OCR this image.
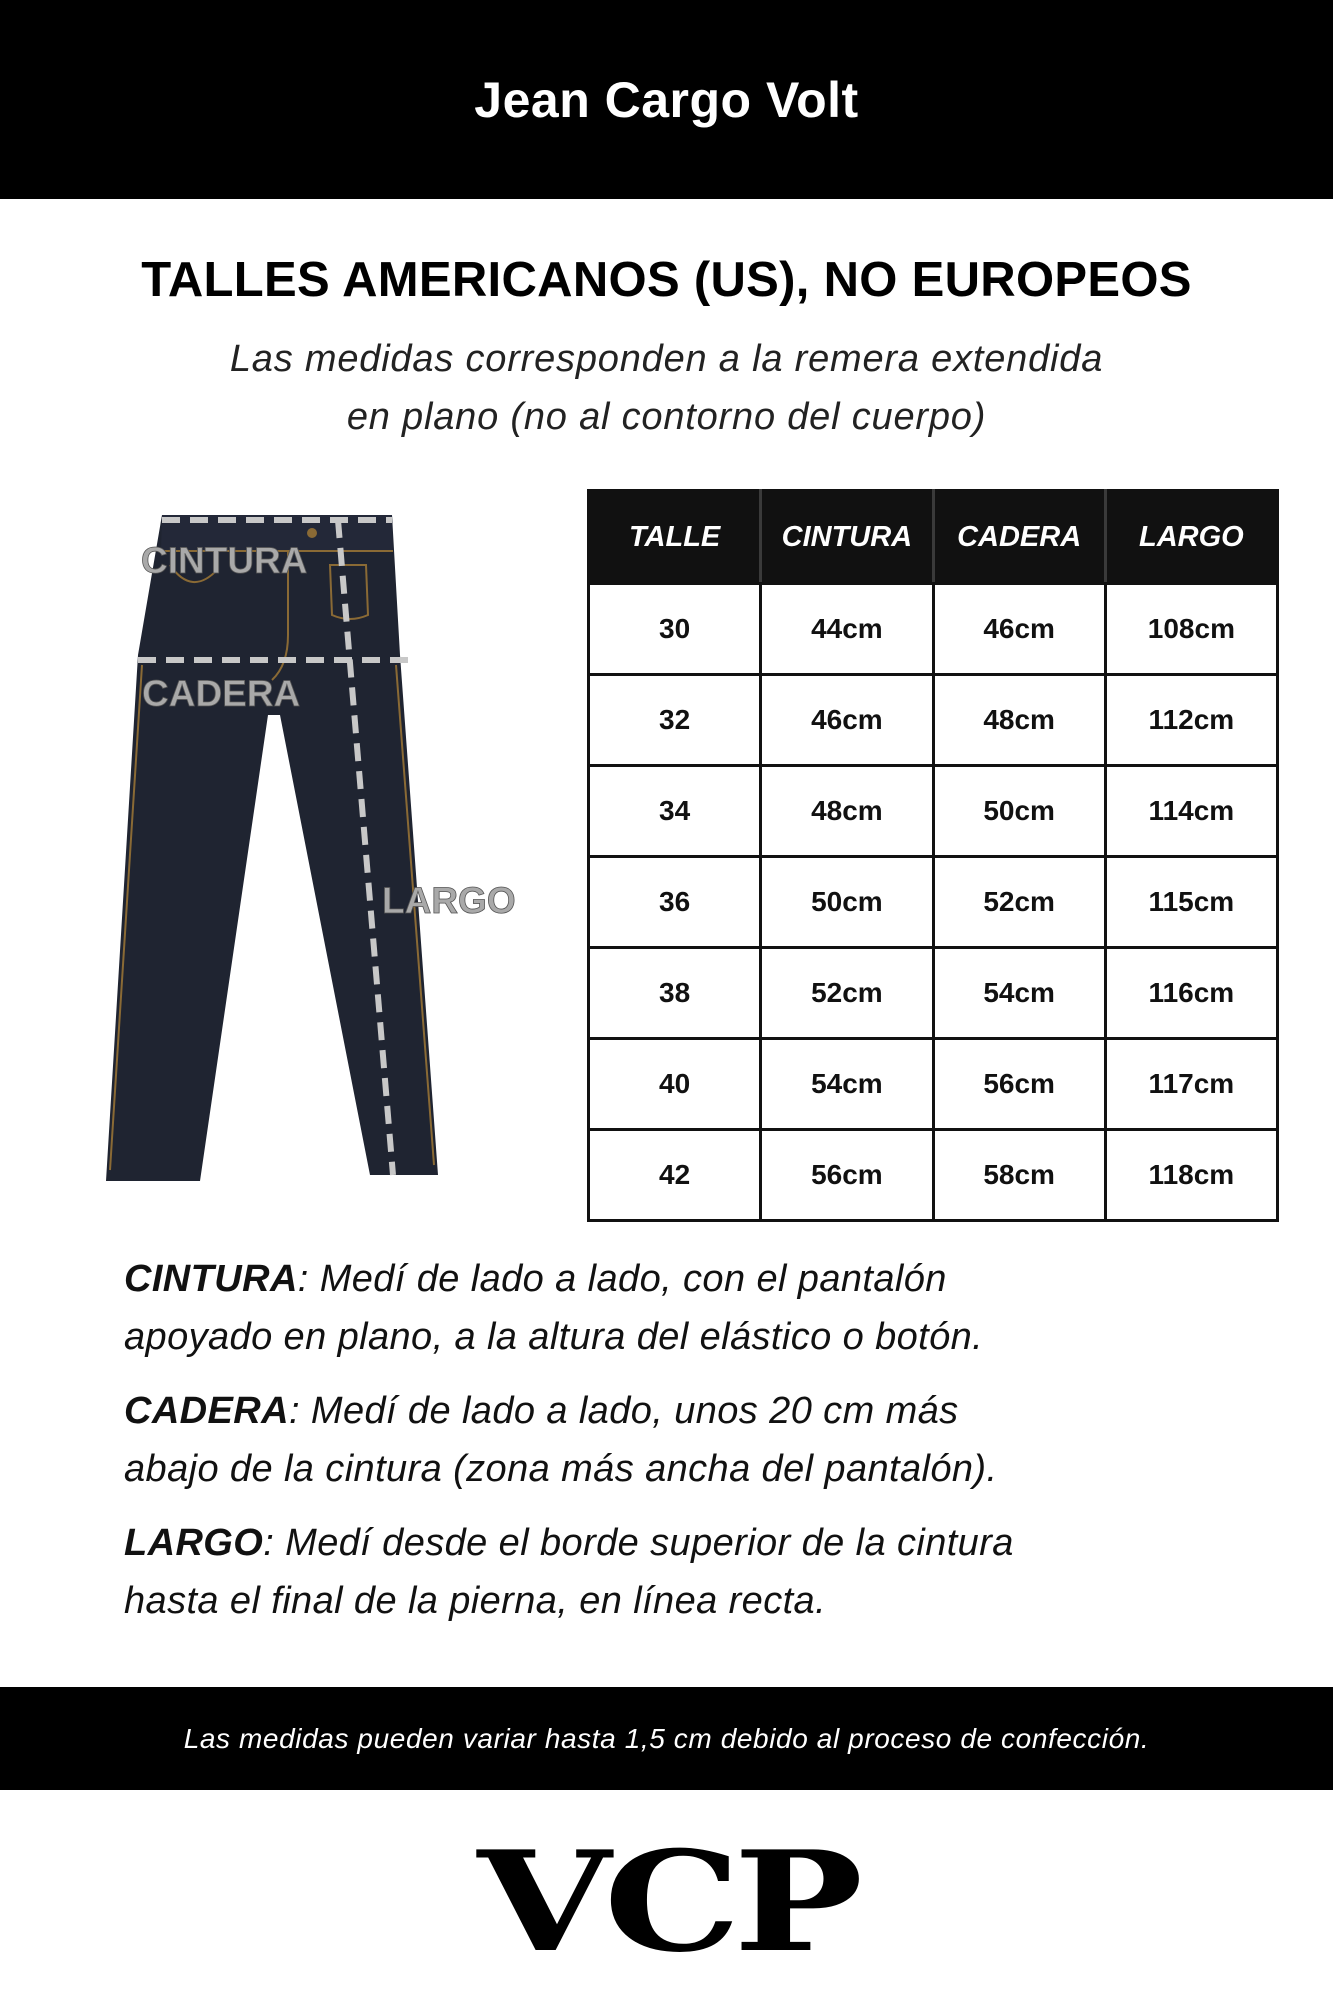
Jean Cargo Volt
TALLES AMERICANOS (US), NO EUROPEOS
Las medidas corresponden a la remera extendida
en plano (no al contorno del cuerpo)
CINTURA
CADERA
LARGO
TALLE	CINTURA	CADERA	LARGO
30	44cm	46cm	108cm
32	46cm	48cm	112cm
34	48cm	50cm	114cm
36	50cm	52cm	115cm
38	52cm	54cm	116cm
40	54cm	56cm	117cm
42	56cm	58cm	118cm

CINTURA: Medí de lado a lado, con el pantalón
apoyado en plano, a la altura del elástico o botón.

CADERA: Medí de lado a lado, unos 20 cm más
abajo de la cintura (zona más ancha del pantalón).

LARGO: Medí desde el borde superior de la cintura
hasta el final de la pierna, en línea recta.

Las medidas pueden variar hasta 1,5 cm debido al proceso de confección.
VCP
